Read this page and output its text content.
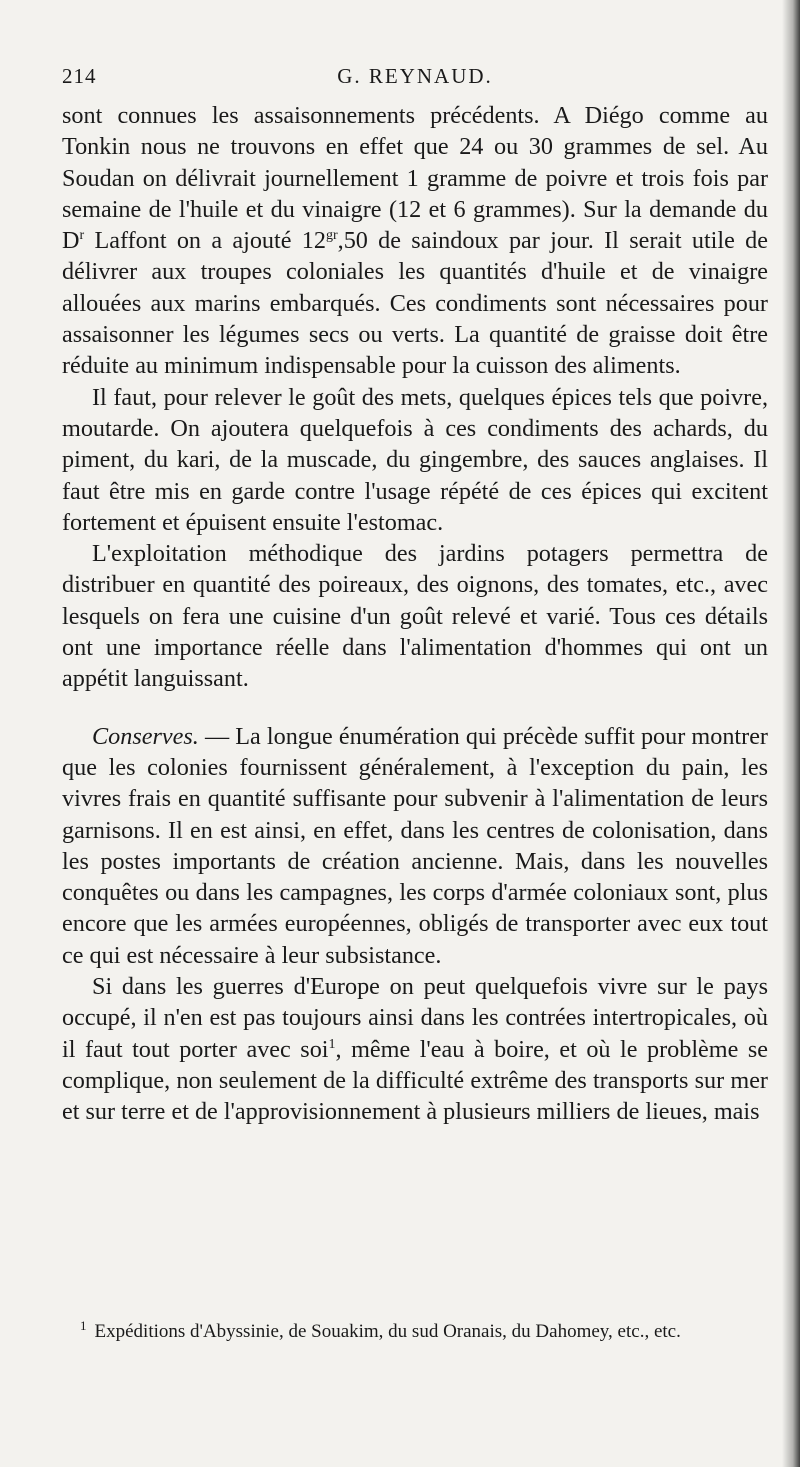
214	G. REYNAUD.

sont connues les assaisonnements précédents. A Diégo comme au Tonkin nous ne trouvons en effet que 24 ou 30 grammes de sel. Au Soudan on délivrait journellement 1 gramme de poivre et trois fois par semaine de l'huile et du vinaigre (12 et 6 grammes). Sur la demande du $D^r$ Laffont on a ajouté $12^{gr},50$ de saindoux par jour. Il serait utile de délivrer aux troupes coloniales les quantités d'huile et de vinaigre allouées aux marins embarqués. Ces condiments sont nécessaires pour assaisonner les légumes secs ou verts. La quantité de graisse doit être réduite au minimum indispensable pour la cuisson des aliments.

Il faut, pour relever le goût des mets, quelques épices tels que poivre, moutarde. On ajoutera quelquefois à ces condiments des achards, du piment, du kari, de la muscade, du gingembre, des sauces anglaises. Il faut être mis en garde contre l'usage répété de ces épices qui excitent fortement et épuisent ensuite l'estomac.

L'exploitation méthodique des jardins potagers permettra de distribuer en quantité des poireaux, des oignons, des tomates, etc., avec lesquels on fera une cuisine d'un goût relevé et varié. Tous ces détails ont une importance réelle dans l'alimentation d'hommes qui ont un appétit languissant.

Conserves. — La longue énumération qui précède suffit pour montrer que les colonies fournissent généralement, à l'exception du pain, les vivres frais en quantité suffisante pour subvenir à l'alimentation de leurs garnisons. Il en est ainsi, en effet, dans les centres de colonisation, dans les postes importants de création ancienne. Mais, dans les nouvelles conquêtes ou dans les campagnes, les corps d'armée coloniaux sont, plus encore que les armées européennes, obligés de transporter avec eux tout ce qui est nécessaire à leur subsistance.

Si dans les guerres d'Europe on peut quelquefois vivre sur le pays occupé, il n'en est pas toujours ainsi dans les contrées intertropicales, où il faut tout porter avec soi$^1$, même l'eau à boire, et où le problème se complique, non seulement de la difficulté extrême des transports sur mer et sur terre et de l'approvisionnement à plusieurs milliers de lieues, mais

$^1$ Expéditions d'Abyssinie, de Souakim, du sud Oranais, du Dahomey, etc., etc.
